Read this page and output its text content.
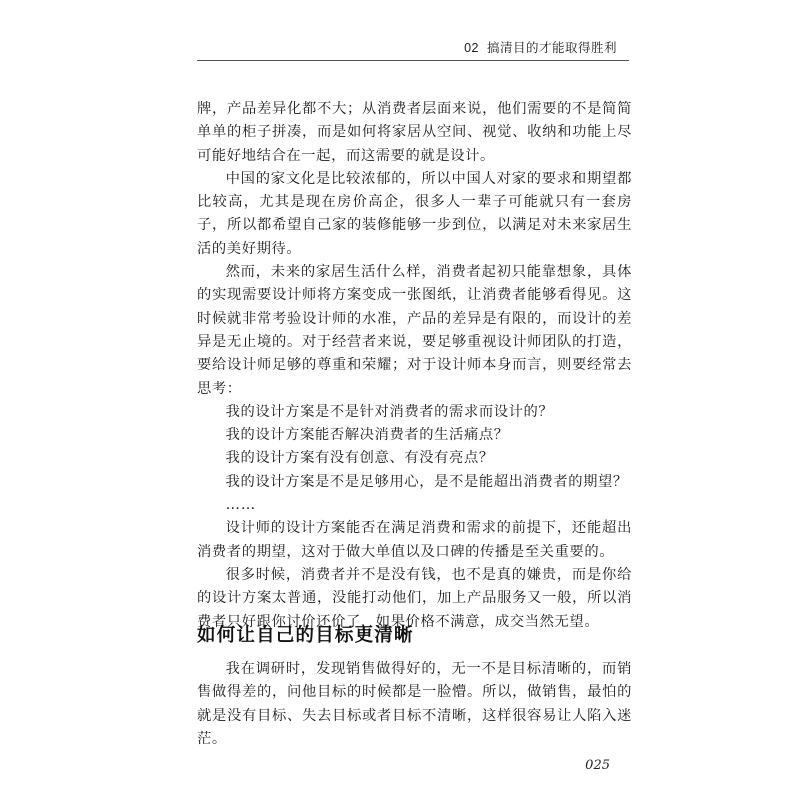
02 搞清目的才能取得胜利

牌，产品差异化都不大；从消费者层面来说，他们需要的不是简简单单的柜子拼凑，而是如何将家居从空间、视觉、收纳和功能上尽可能好地结合在一起，而这需要的就是设计。

中国的家文化是比较浓郁的，所以中国人对家的要求和期望都比较高，尤其是现在房价高企，很多人一辈子可能就只有一套房子，所以都希望自己家的装修能够一步到位，以满足对未来家居生活的美好期待。

然而，未来的家居生活什么样，消费者起初只能靠想象，具体的实现需要设计师将方案变成一张图纸，让消费者能够看得见。这时候就非常考验设计师的水准，产品的差异是有限的，而设计的差异是无止境的。对于经营者来说，要足够重视设计师团队的打造，要给设计师足够的尊重和荣耀；对于设计师本身而言，则要经常去思考：

我的设计方案是不是针对消费者的需求而设计的？

我的设计方案能否解决消费者的生活痛点？

我的设计方案有没有创意、有没有亮点？

我的设计方案是不是足够用心，是不是能超出消费者的期望？

……

设计师的设计方案能否在满足消费和需求的前提下，还能超出消费者的期望，这对于做大单值以及口碑的传播是至关重要的。

很多时候，消费者并不是没有钱，也不是真的嫌贵，而是你给的设计方案太普通，没能打动他们，加上产品服务又一般，所以消费者只好跟你讨价还价了，如果价格不满意，成交当然无望。

如何让自己的目标更清晰

我在调研时，发现销售做得好的，无一不是目标清晰的，而销售做得差的，问他目标的时候都是一脸懵。所以，做销售，最怕的就是没有目标、失去目标或者目标不清晰，这样很容易让人陷入迷茫。

025
